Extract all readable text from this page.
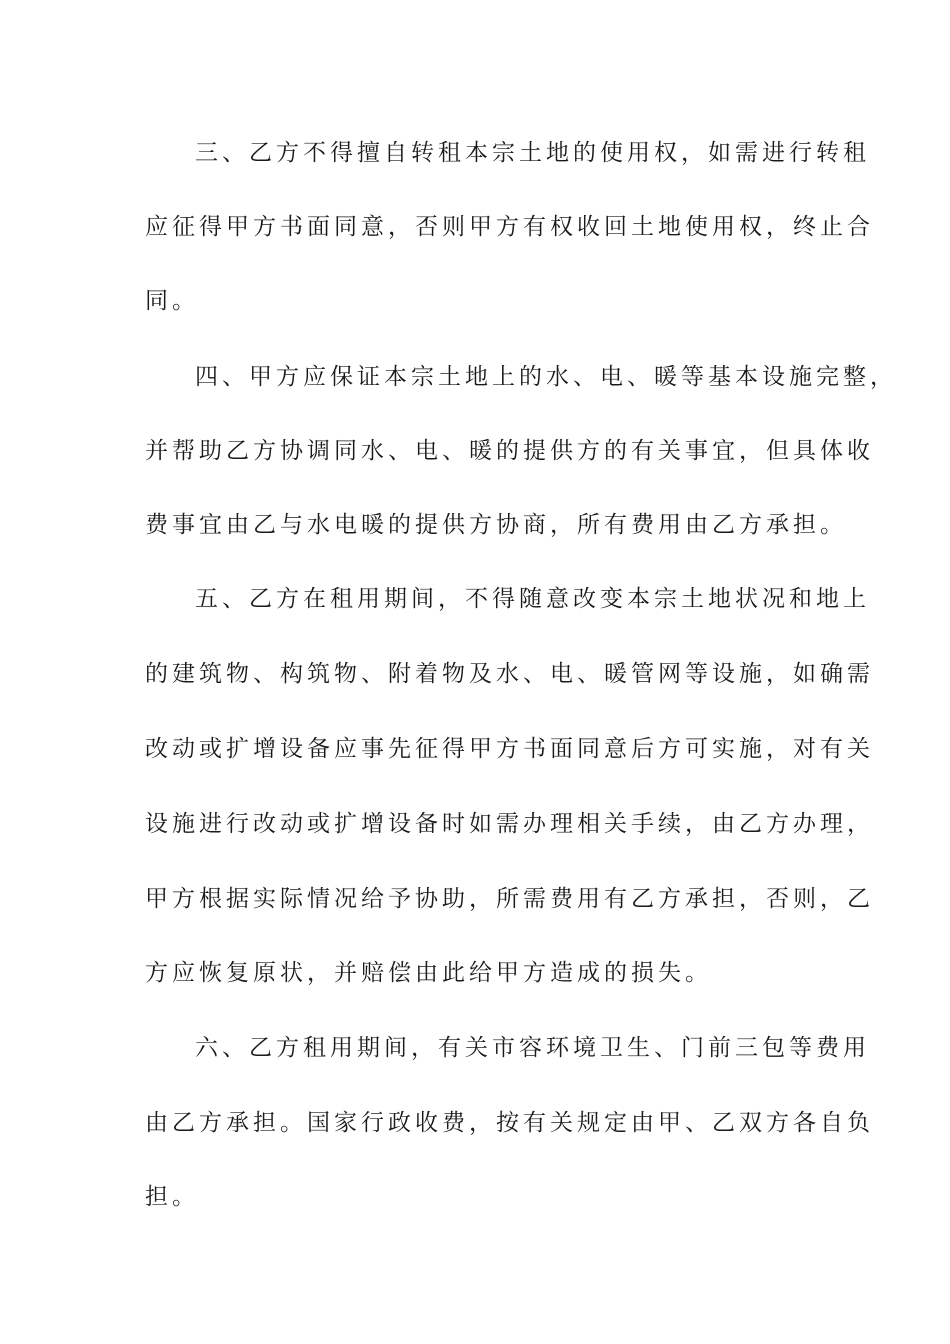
三、乙方不得擅自转租本宗土地的使用权，如需进行转租
应征得甲方书面同意，否则甲方有权收回土地使用权，终止合
同。
四、甲方应保证本宗土地上的水、电、暖等基本设施完整，
并帮助乙方协调同水、电、暖的提供方的有关事宜，但具体收
费事宜由乙与水电暖的提供方协商，所有费用由乙方承担。
五、乙方在租用期间，不得随意改变本宗土地状况和地上
的建筑物、构筑物、附着物及水、电、暖管网等设施，如确需
改动或扩增设备应事先征得甲方书面同意后方可实施，对有关
设施进行改动或扩增设备时如需办理相关手续，由乙方办理，
甲方根据实际情况给予协助，所需费用有乙方承担，否则，乙
方应恢复原状，并赔偿由此给甲方造成的损失。
六、乙方租用期间，有关市容环境卫生、门前三包等费用
由乙方承担。国家行政收费，按有关规定由甲、乙双方各自负
担。
